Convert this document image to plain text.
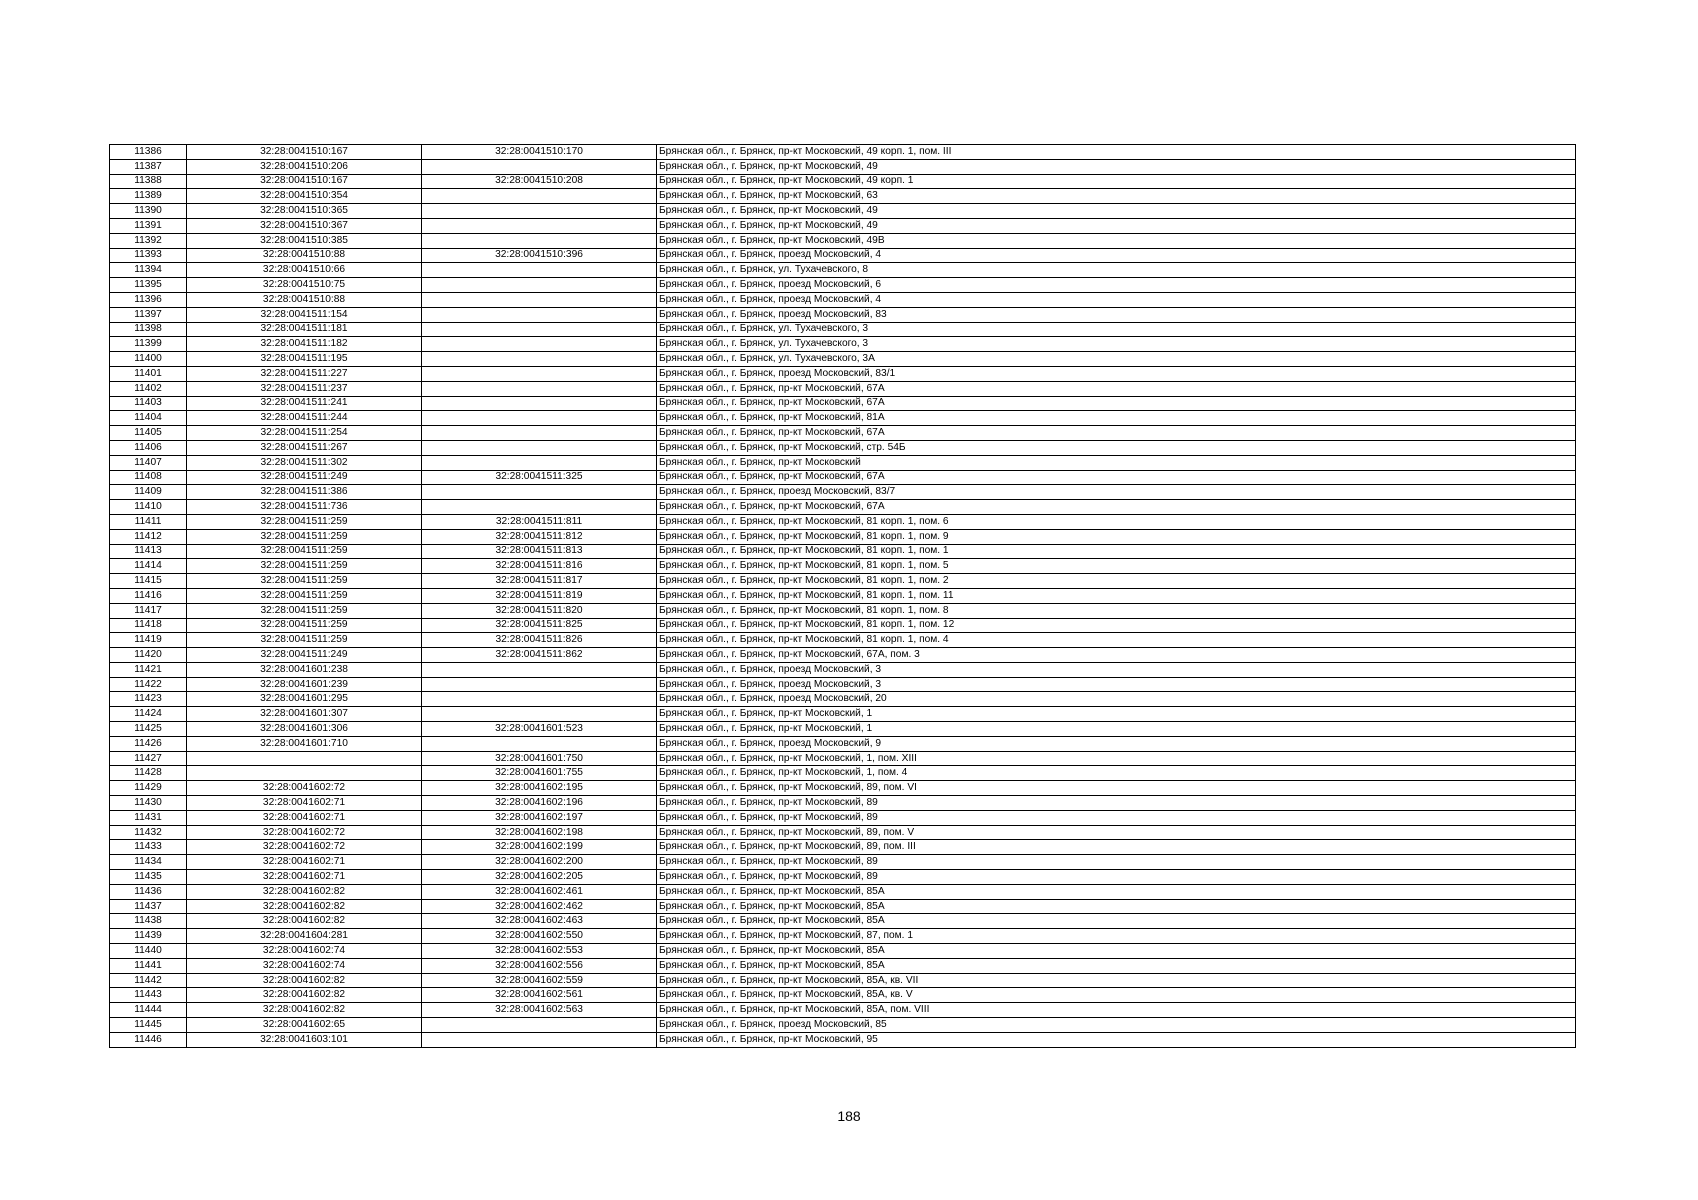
11386	32:28:0041510:167	32:28:0041510:170	Брянская обл., г. Брянск, пр-кт Московский, 49 корп. 1, пом. III
11387	32:28:0041510:206		Брянская обл., г. Брянск, пр-кт Московский, 49
11388	32:28:0041510:167	32:28:0041510:208	Брянская обл., г. Брянск, пр-кт Московский, 49 корп. 1
11389	32:28:0041510:354		Брянская обл., г. Брянск, пр-кт Московский, 63
11390	32:28:0041510:365		Брянская обл., г. Брянск, пр-кт Московский, 49
11391	32:28:0041510:367		Брянская обл., г. Брянск, пр-кт Московский, 49
11392	32:28:0041510:385		Брянская обл., г. Брянск, пр-кт Московский, 49В
11393	32:28:0041510:88	32:28:0041510:396	Брянская обл., г. Брянск, проезд Московский, 4
11394	32:28:0041510:66		Брянская обл., г. Брянск, ул. Тухачевского, 8
11395	32:28:0041510:75		Брянская обл., г. Брянск, проезд Московский, 6
11396	32:28:0041510:88		Брянская обл., г. Брянск, проезд Московский, 4
11397	32:28:0041511:154		Брянская обл., г. Брянск, проезд Московский, 83
11398	32:28:0041511:181		Брянская обл., г. Брянск, ул. Тухачевского, 3
11399	32:28:0041511:182		Брянская обл., г. Брянск, ул. Тухачевского, 3
11400	32:28:0041511:195		Брянская обл., г. Брянск, ул. Тухачевского, 3А
11401	32:28:0041511:227		Брянская обл., г. Брянск, проезд Московский, 83/1
11402	32:28:0041511:237		Брянская обл., г. Брянск, пр-кт Московский, 67А
11403	32:28:0041511:241		Брянская обл., г. Брянск, пр-кт Московский, 67А
11404	32:28:0041511:244		Брянская обл., г. Брянск, пр-кт Московский, 81А
11405	32:28:0041511:254		Брянская обл., г. Брянск, пр-кт Московский, 67А
11406	32:28:0041511:267		Брянская обл., г. Брянск, пр-кт Московский, стр. 54Б
11407	32:28:0041511:302		Брянская обл., г. Брянск, пр-кт Московский
11408	32:28:0041511:249	32:28:0041511:325	Брянская обл., г. Брянск, пр-кт Московский, 67А
11409	32:28:0041511:386		Брянская обл., г. Брянск, проезд Московский, 83/7
11410	32:28:0041511:736		Брянская обл., г. Брянск, пр-кт Московский, 67А
11411	32:28:0041511:259	32:28:0041511:811	Брянская обл., г. Брянск, пр-кт Московский, 81 корп. 1, пом. 6
11412	32:28:0041511:259	32:28:0041511:812	Брянская обл., г. Брянск, пр-кт Московский, 81 корп. 1, пом. 9
11413	32:28:0041511:259	32:28:0041511:813	Брянская обл., г. Брянск, пр-кт Московский, 81 корп. 1, пом. 1
11414	32:28:0041511:259	32:28:0041511:816	Брянская обл., г. Брянск, пр-кт Московский, 81 корп. 1, пом. 5
11415	32:28:0041511:259	32:28:0041511:817	Брянская обл., г. Брянск, пр-кт Московский, 81 корп. 1, пом. 2
11416	32:28:0041511:259	32:28:0041511:819	Брянская обл., г. Брянск, пр-кт Московский, 81 корп. 1, пом. 11
11417	32:28:0041511:259	32:28:0041511:820	Брянская обл., г. Брянск, пр-кт Московский, 81 корп. 1, пом. 8
11418	32:28:0041511:259	32:28:0041511:825	Брянская обл., г. Брянск, пр-кт Московский, 81 корп. 1, пом. 12
11419	32:28:0041511:259	32:28:0041511:826	Брянская обл., г. Брянск, пр-кт Московский, 81 корп. 1, пом. 4
11420	32:28:0041511:249	32:28:0041511:862	Брянская обл., г. Брянск, пр-кт Московский, 67А, пом. 3
11421	32:28:0041601:238		Брянская обл., г. Брянск, проезд Московский, 3
11422	32:28:0041601:239		Брянская обл., г. Брянск, проезд Московский, 3
11423	32:28:0041601:295		Брянская обл., г. Брянск, проезд Московский, 20
11424	32:28:0041601:307		Брянская обл., г. Брянск, пр-кт Московский, 1
11425	32:28:0041601:306	32:28:0041601:523	Брянская обл., г. Брянск, пр-кт Московский, 1
11426	32:28:0041601:710		Брянская обл., г. Брянск, проезд Московский, 9
11427		32:28:0041601:750	Брянская обл., г. Брянск, пр-кт Московский, 1, пом. XIII
11428		32:28:0041601:755	Брянская обл., г. Брянск, пр-кт Московский, 1, пом. 4
11429	32:28:0041602:72	32:28:0041602:195	Брянская обл., г. Брянск, пр-кт Московский, 89, пом. VI
11430	32:28:0041602:71	32:28:0041602:196	Брянская обл., г. Брянск, пр-кт Московский, 89
11431	32:28:0041602:71	32:28:0041602:197	Брянская обл., г. Брянск, пр-кт Московский, 89
11432	32:28:0041602:72	32:28:0041602:198	Брянская обл., г. Брянск, пр-кт Московский, 89, пом. V
11433	32:28:0041602:72	32:28:0041602:199	Брянская обл., г. Брянск, пр-кт Московский, 89, пом. III
11434	32:28:0041602:71	32:28:0041602:200	Брянская обл., г. Брянск, пр-кт Московский, 89
11435	32:28:0041602:71	32:28:0041602:205	Брянская обл., г. Брянск, пр-кт Московский, 89
11436	32:28:0041602:82	32:28:0041602:461	Брянская обл., г. Брянск, пр-кт Московский, 85А
11437	32:28:0041602:82	32:28:0041602:462	Брянская обл., г. Брянск, пр-кт Московский, 85А
11438	32:28:0041602:82	32:28:0041602:463	Брянская обл., г. Брянск, пр-кт Московский, 85А
11439	32:28:0041604:281	32:28:0041602:550	Брянская обл., г. Брянск, пр-кт Московский, 87, пом. 1
11440	32:28:0041602:74	32:28:0041602:553	Брянская обл., г. Брянск, пр-кт Московский, 85А
11441	32:28:0041602:74	32:28:0041602:556	Брянская обл., г. Брянск, пр-кт Московский, 85А
11442	32:28:0041602:82	32:28:0041602:559	Брянская обл., г. Брянск, пр-кт Московский, 85А, кв. VII
11443	32:28:0041602:82	32:28:0041602:561	Брянская обл., г. Брянск, пр-кт Московский, 85А, кв. V
11444	32:28:0041602:82	32:28:0041602:563	Брянская обл., г. Брянск, пр-кт Московский, 85А, пом. VIII
11445	32:28:0041602:65		Брянская обл., г. Брянск, проезд Московский, 85
11446	32:28:0041603:101		Брянская обл., г. Брянск, пр-кт Московский, 95
188
